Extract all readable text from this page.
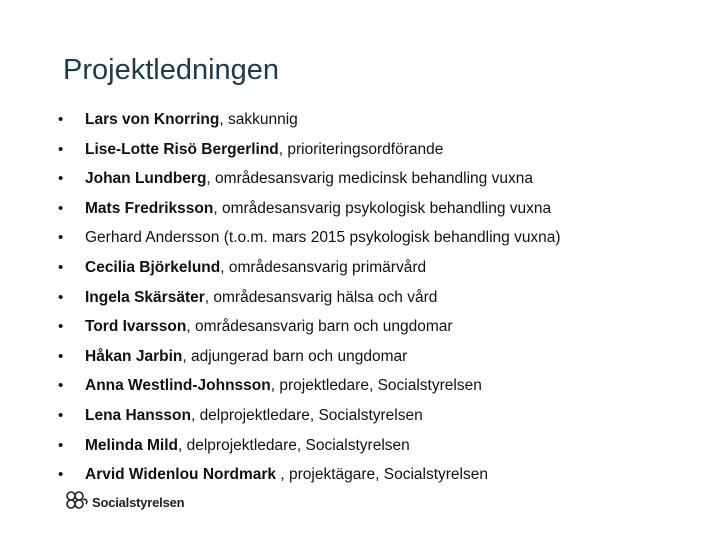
Projektledningen
• Lars von Knorring, sakkunnig
• Lise-Lotte Risö Bergerlind, prioriteringsordförande
• Johan Lundberg, områdesansvarig medicinsk behandling vuxna
• Mats Fredriksson, områdesansvarig psykologisk behandling vuxna
• Gerhard Andersson (t.o.m. mars 2015 psykologisk behandling vuxna)
• Cecilia Björkelund, områdesansvarig primärvård
• Ingela Skärsäter, områdesansvarig hälsa och vård
• Tord Ivarsson, områdesansvarig barn och ungdomar
• Håkan Jarbin, adjungerad barn och ungdomar
• Anna Westlind-Johnsson, projektledare, Socialstyrelsen
• Lena Hansson, delprojektledare, Socialstyrelsen
• Melinda Mild, delprojektledare, Socialstyrelsen
• Arvid Widenlou Nordmark , projektägare, Socialstyrelsen
Socialstyrelsen
